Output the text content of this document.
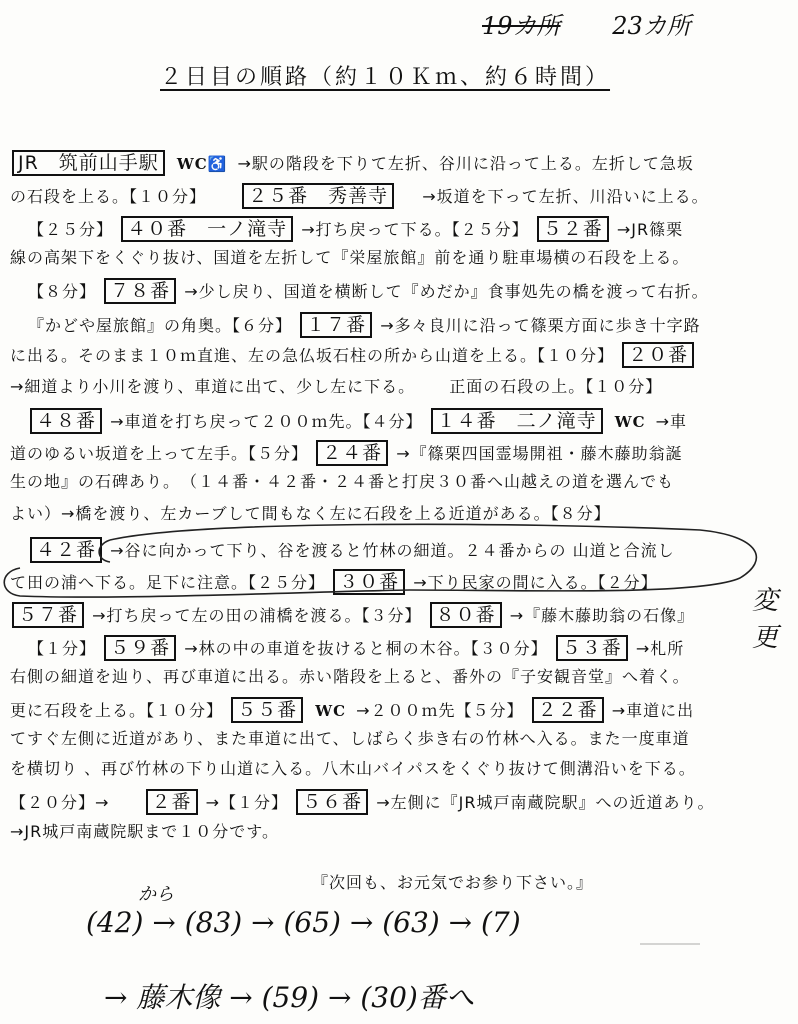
19カ所 23カ所
２日目の順路（約１０Ｋｍ、約６時間）
JR　筑前山手駅 WC♿ →駅の階段を下りて左折、谷川に沿って上る。左折して急坂
の石段を上る。【１０分】 ２５番　秀善寺 →坂道を下って左折、川沿いに上る。
【２５分】 ４０番　一ノ滝寺 →打ち戻って下る。【２５分】 ５２番 →JR篠栗
線の高架下をくぐり抜け、国道を左折して『栄屋旅館』前を通り駐車場横の石段を上る。
【８分】 ７８番 →少し戻り、国道を横断して『めだか』食事処先の橋を渡って右折。
『かどや屋旅館』の角奥。【６分】 １７番 →多々良川に沿って篠栗方面に歩き十字路
に出る。そのまま１０ｍ直進、左の急仏坂石柱の所から山道を上る。【１０分】 ２０番
→細道より小川を渡り、車道に出て、少し左に下る。 正面の石段の上。【１０分】
４８番 →車道を打ち戻って２００ｍ先。【４分】 １４番　二ノ滝寺 WC →車
道のゆるい坂道を上って左手。【５分】 ２４番 →『篠栗四国霊場開祖・藤木藤助翁誕
生の地』の石碑あり。　（１４番・４２番・２４番と打戻３０番へ山越えの道を選んでも
よい）→橋を渡り、左カーブして間もなく左に石段を上る近道がある。【８分】
４２番 →谷に向かって下り、谷を渡ると竹林の細道。２４番からの 山道と合流し
て田の浦へ下る。足下に注意。【２５分】 ３０番 →下り民家の間に入る。【２分】
５７番 →打ち戻って左の田の浦橋を渡る。【３分】 ８０番 →『藤木藤助翁の石像』
【１分】 ５９番 →林の中の車道を抜けると桐の木谷。【３０分】 ５３番 →札所
右側の細道を辿り、再び車道に出る。赤い階段を上ると、番外の『子安観音堂』へ着く。
更に石段を上る。【１０分】 ５５番 WC →２００ｍ先【５分】 ２２番 →車道に出
てすぐ左側に近道があり、また車道に出て、しばらく歩き右の竹林へ入る。また一度車道
を横切り 、再び竹林の下り山道に入る。八木山バイパスをくぐり抜けて側溝沿いを下る。
【２０分】→ ２番 →【１分】 ５６番 →左側に『JR城戸南蔵院駅』への近道あり。
→JR城戸南蔵院駅まで１０分です。
『次回も、お元気でお参り下さい。』
変更
から
(42) → (83) → (65) → (63) → (7)
→ 藤木像 → (59) → (30)番へ
